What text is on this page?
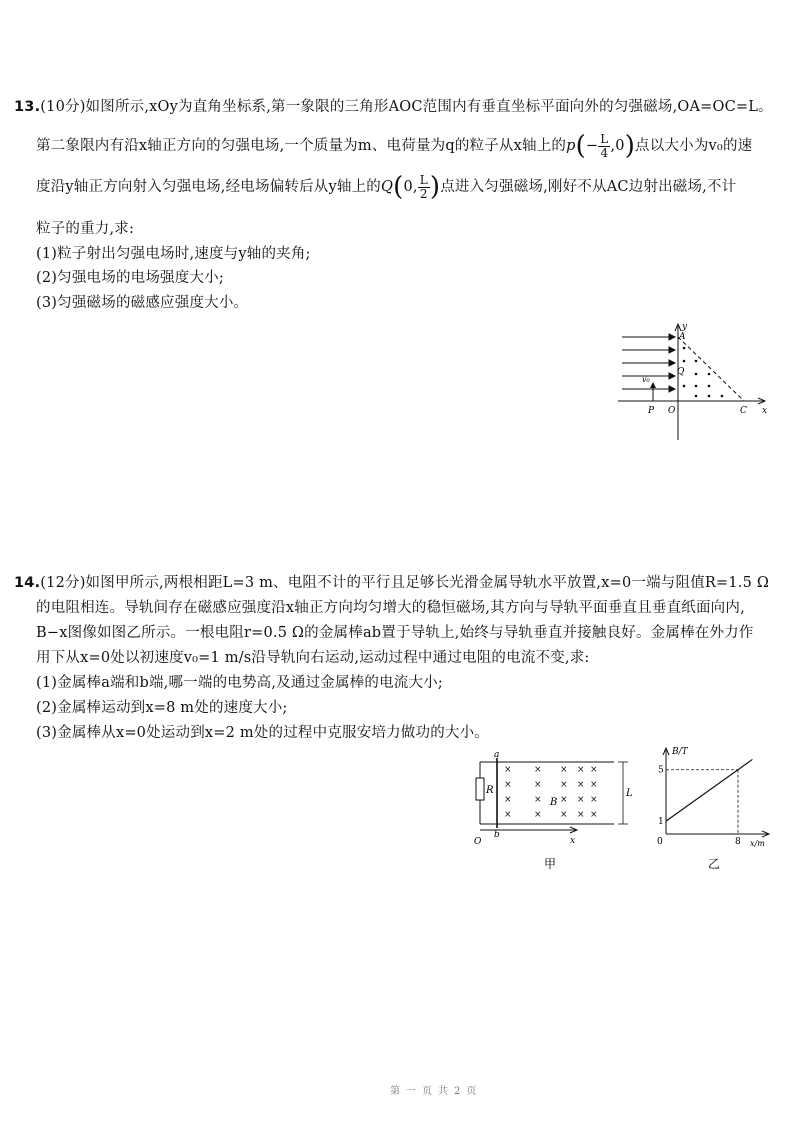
13.(10分)如图所示,xOy为直角坐标系,第一象限的三角形AOC范围内有垂直坐标平面向外的匀强磁场,OA=OC=L。
第二象限内有沿x轴正方向的匀强电场,一个质量为m、电荷量为q的粒子从x轴上的$p(- \frac{L}{4} ,0)$点以大小为v₀的速
度沿y轴正方向射入匀强电场,经电场偏转后从y轴上的Q(0, $\frac{L}{2}$ )点进入匀强磁场,刚好不从AC边射出磁场,不计
粒子的重力,求:
(1)粒子射出匀强电场时,速度与y轴的夹角;
(2)匀强电场的电场强度大小;
(3)匀强磁场的磁感应强度大小。
y
x
A
Q
v₀
P O	C
14.(12分)如图甲所示,两根相距L=3 m、电阻不计的平行且足够长光滑金属导轨水平放置,x=0一端与阻值R=1.5 Ω
的电阻相连。导轨间存在磁感应强度沿x轴正方向均匀增大的稳恒磁场,其方向与导轨平面垂直且垂直纸面向内,
B−x图像如图乙所示。一根电阻r=0.5 Ω的金属棒ab置于导轨上,始终与导轨垂直并接触良好。金属棒在外力作
用下从x=0处以初速度v₀=1 m/s沿导轨向右运动,运动过程中通过电阻的电流不变,求:
(1)金属棒a端和b端,哪一端的电势高,及通过金属棒的电流大小;
(2)金属棒运动到x=8 m处的速度大小;
(3)金属棒从x=0处运动到x=2 m处的过程中克服安培力做功的大小。
× × × × ×
× × × × ×
× × × × ×
× × × × ×
a
b
R
B
L
O	x
甲
B/T
x/m
5
1
0	8
乙
第一页共2页
